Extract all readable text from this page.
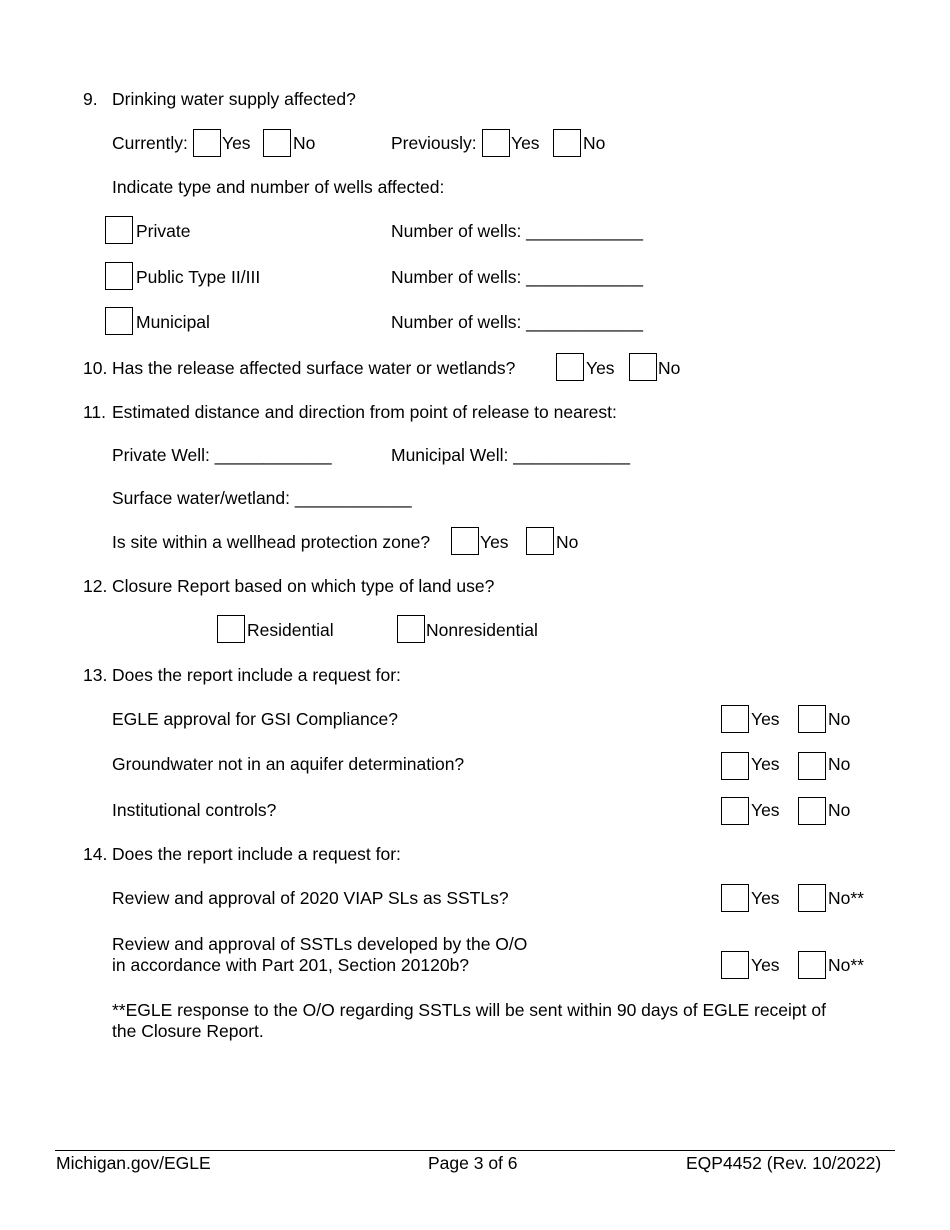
9. Drinking water supply affected?
Currently: Yes No	Previously: Yes No
Indicate type and number of wells affected:
Private	Number of wells: ____________
Public Type II/III	Number of wells: ____________
Municipal	Number of wells: ____________
10. Has the release affected surface water or wetlands?	Yes No
11. Estimated distance and direction from point of release to nearest:
Private Well: ____________	Municipal Well: ____________
Surface water/wetland: ____________
Is site within a wellhead protection zone?	Yes	No
12. Closure Report based on which type of land use?
Residential	Nonresidential
13. Does the report include a request for:
EGLE approval for GSI Compliance?	Yes	No
Groundwater not in an aquifer determination?	Yes	No
Institutional controls?	Yes	No
14. Does the report include a request for:
Review and approval of 2020 VIAP SLs as SSTLs?	Yes	No**
Review and approval of SSTLs developed by the O/O
in accordance with Part 201, Section 20120b?	Yes	No**
**EGLE response to the O/O regarding SSTLs will be sent within 90 days of EGLE receipt of
the Closure Report.
Michigan.gov/EGLE	Page 3 of 6	EQP4452 (Rev. 10/2022)
